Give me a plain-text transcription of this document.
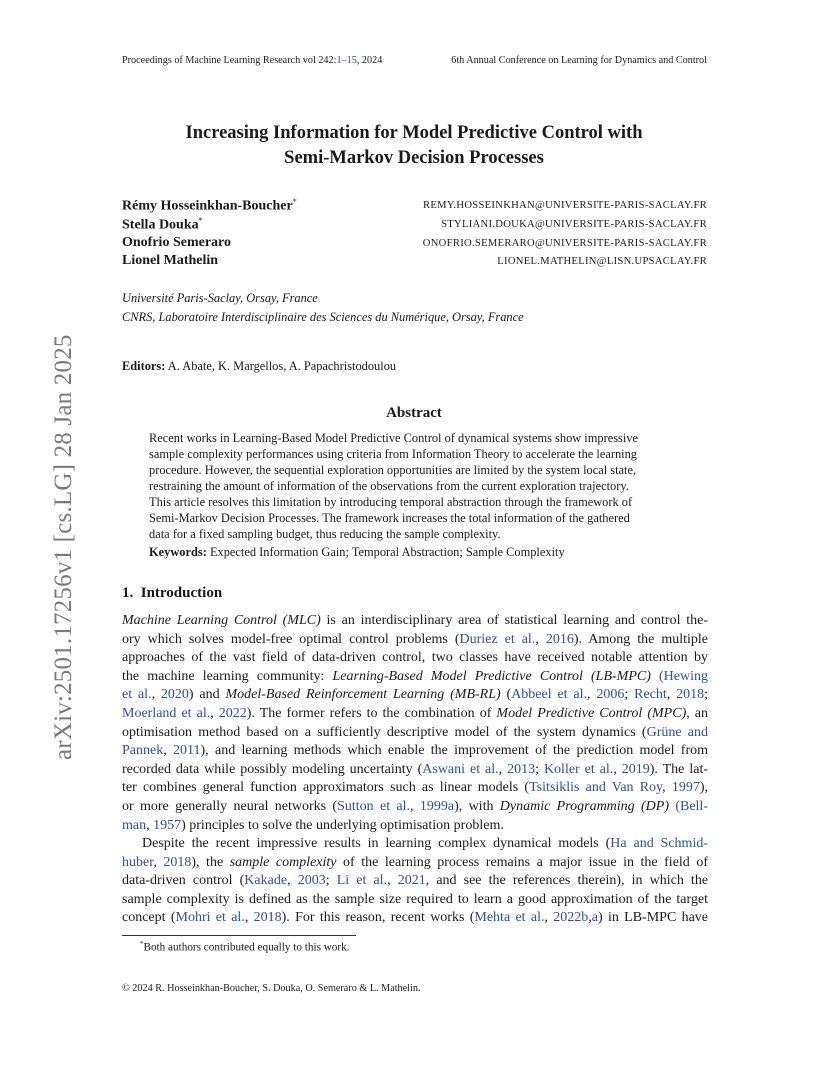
Proceedings of Machine Learning Research vol 242:1–15, 2024	6th Annual Conference on Learning for Dynamics and Control
arXiv:2501.17256v1 [cs.LG] 28 Jan 2025
Increasing Information for Model Predictive Control with
Semi-Markov Decision Processes
Rémy Hosseinkhan-Boucher*
Stella Douka*
Onofrio Semeraro
Lionel Mathelin
REMY.HOSSEINKHAN@UNIVERSITE-PARIS-SACLAY.FR
STYLIANI.DOUKA@UNIVERSITE-PARIS-SACLAY.FR
ONOFRIO.SEMERARO@UNIVERSITE-PARIS-SACLAY.FR
LIONEL.MATHELIN@LISN.UPSACLAY.FR
Université Paris-Saclay, Orsay, France
CNRS, Laboratoire Interdisciplinaire des Sciences du Numérique, Orsay, France
Editors: A. Abate, K. Margellos, A. Papachristodoulou
Abstract
Recent works in Learning-Based Model Predictive Control of dynamical systems show impressive
sample complexity performances using criteria from Information Theory to accelerate the learning
procedure. However, the sequential exploration opportunities are limited by the system local state,
restraining the amount of information of the observations from the current exploration trajectory.
This article resolves this limitation by introducing temporal abstraction through the framework of
Semi-Markov Decision Processes. The framework increases the total information of the gathered
data for a fixed sampling budget, thus reducing the sample complexity.
Keywords: Expected Information Gain; Temporal Abstraction; Sample Complexity
1. Introduction
Machine Learning Control (MLC) is an interdisciplinary area of statistical learning and control the-
ory which solves model-free optimal control problems (Duriez et al., 2016). Among the multiple
approaches of the vast field of data-driven control, two classes have received notable attention by
the machine learning community: Learning-Based Model Predictive Control (LB-MPC) (Hewing
et al., 2020) and Model-Based Reinforcement Learning (MB-RL) (Abbeel et al., 2006; Recht, 2018;
Moerland et al., 2022). The former refers to the combination of Model Predictive Control (MPC), an
optimisation method based on a sufficiently descriptive model of the system dynamics (Grüne and
Pannek, 2011), and learning methods which enable the improvement of the prediction model from
recorded data while possibly modeling uncertainty (Aswani et al., 2013; Koller et al., 2019). The lat-
ter combines general function approximators such as linear models (Tsitsiklis and Van Roy, 1997),
or more generally neural networks (Sutton et al., 1999a), with Dynamic Programming (DP) (Bell-
man, 1957) principles to solve the underlying optimisation problem.
Despite the recent impressive results in learning complex dynamical models (Ha and Schmid-
huber, 2018), the sample complexity of the learning process remains a major issue in the field of
data-driven control (Kakade, 2003; Li et al., 2021, and see the references therein), in which the
sample complexity is defined as the sample size required to learn a good approximation of the target
concept (Mohri et al., 2018). For this reason, recent works (Mehta et al., 2022b,a) in LB-MPC have
*Both authors contributed equally to this work.
© 2024 R. Hosseinkhan-Boucher, S. Douka, O. Semeraro & L. Mathelin.
